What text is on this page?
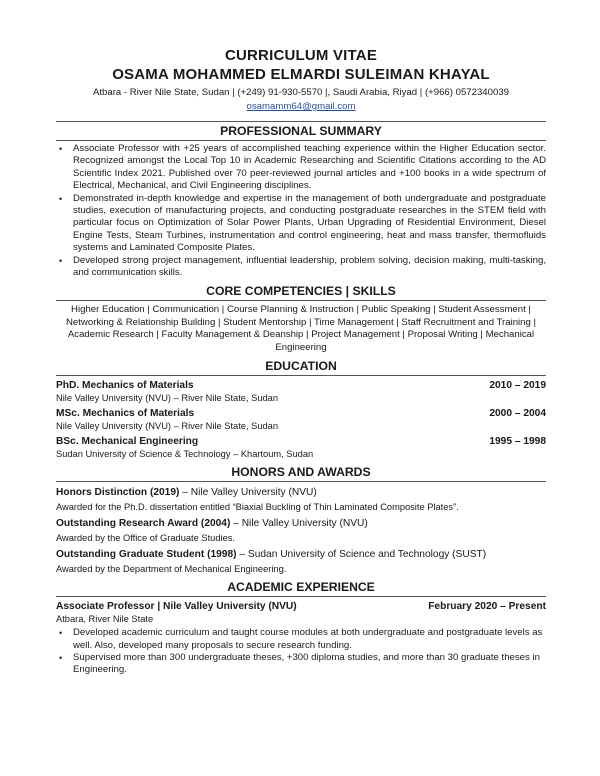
CURRICULUM VITAE
OSAMA MOHAMMED ELMARDI SULEIMAN KHAYAL
Atbara - River Nile State, Sudan | (+249) 91-930-5570 |, Saudi Arabia, Riyad | (+966) 0572340039
osamamm64@gmail.com
PROFESSIONAL SUMMARY
• Associate Professor with +25 years of accomplished teaching experience within the Higher Education sector. Recognized amongst the Local Top 10 in Academic Researching and Scientific Citations according to the AD Scientific Index 2021. Published over 70 peer-reviewed journal articles and +100 books in a wide spectrum of Electrical, Mechanical, and Civil Engineering disciplines.
• Demonstrated in-depth knowledge and expertise in the management of both undergraduate and postgraduate studies, execution of manufacturing projects, and conducting postgraduate researches in the STEM field with particular focus on Optimization of Solar Power Plants, Urban Upgrading of Residential Environment, Diesel Engine Tests, Steam Turbines, instrumentation and control engineering, heat and mass transfer, thermofluids systems and Laminated Composite Plates.
• Developed strong project management, influential leadership, problem solving, decision making, multi-tasking, and communication skills.
CORE COMPETENCIES | SKILLS
Higher Education | Communication | Course Planning & Instruction | Public Speaking | Student Assessment | Networking & Relationship Building | Student Mentorship | Time Management | Staff Recruitment and Training | Academic Research | Faculty Management & Deanship | Project Management | Proposal Writing | Mechanical Engineering
EDUCATION
PhD. Mechanics of Materials	2010 – 2019
Nile Valley University (NVU) – River Nile State, Sudan
MSc. Mechanics of Materials	2000 – 2004
Nile Valley University (NVU) – River Nile State, Sudan
BSc. Mechanical Engineering	1995 – 1998
Sudan University of Science & Technology – Khartoum, Sudan
HONORS AND AWARDS
Honors Distinction (2019) – Nile Valley University (NVU)
Awarded for the Ph.D. dissertation entitled “Biaxial Buckling of Thin Laminated Composite Plates”.
Outstanding Research Award (2004) – Nile Valley University (NVU)
Awarded by the Office of Graduate Studies.
Outstanding Graduate Student (1998) – Sudan University of Science and Technology (SUST)
Awarded by the Department of Mechanical Engineering.
ACADEMIC EXPERIENCE
Associate Professor | Nile Valley University (NVU)	February 2020 – Present
Atbara, River Nile State
• Developed academic curriculum and taught course modules at both undergraduate and postgraduate levels as well. Also, developed many proposals to secure research funding.
• Supervised more than 300 undergraduate theses, +300 diploma studies, and more than 30 graduate theses in Engineering.
